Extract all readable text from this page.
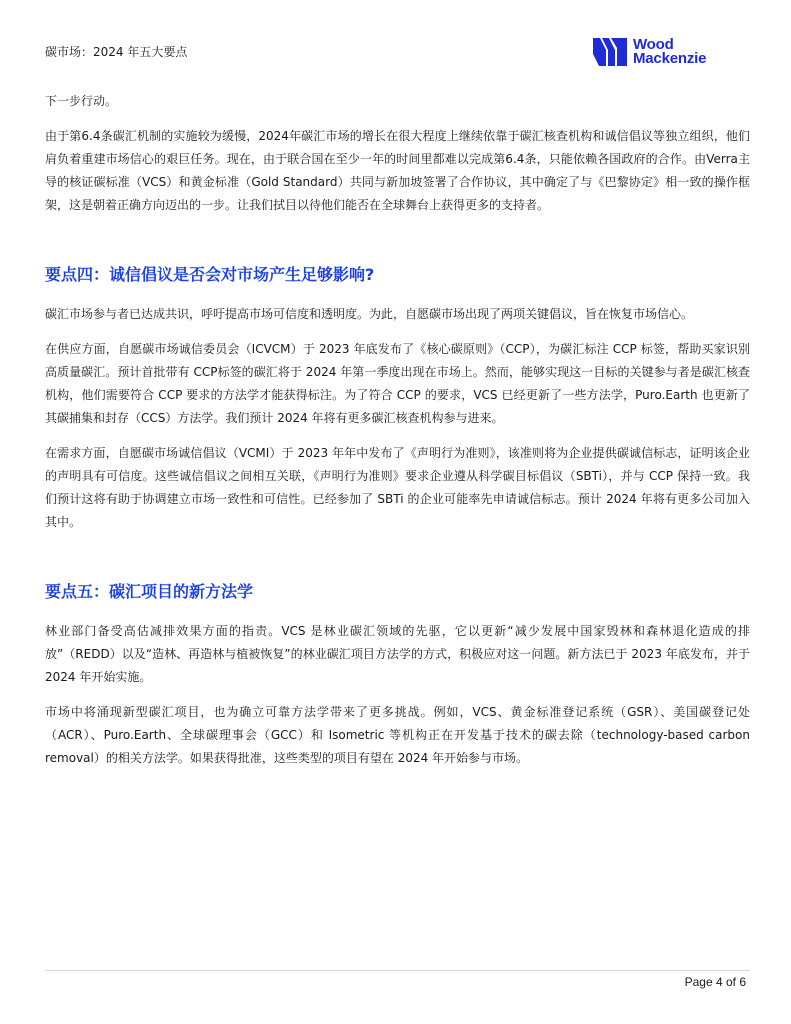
碳市场：2024 年五大要点	Wood
Mackenzie

下一步行动。

由于第6.4条碳汇机制的实施较为缓慢，2024年碳汇市场的增长在很大程度上继续依靠于碳汇核查机构和诚信倡议等独立组织，他们肩负着重建市场信心的艰巨任务。现在，由于联合国在至少一年的时间里都难以完成第6.4条，只能依赖各国政府的合作。由Verra主导的核证碳标准（VCS）和黄金标准（Gold Standard）共同与新加坡签署了合作协议，其中确定了与《巴黎协定》相一致的操作框架，这是朝着正确方向迈出的一步。让我们拭目以待他们能否在全球舞台上获得更多的支持者。

要点四：诚信倡议是否会对市场产生足够影响?

碳汇市场参与者已达成共识，呼吁提高市场可信度和透明度。为此，自愿碳市场出现了两项关键倡议，旨在恢复市场信心。

在供应方面，自愿碳市场诚信委员会（ICVCM）于 2023 年底发布了《核心碳原则》（CCP），为碳汇标注 CCP 标签，帮助买家识别高质量碳汇。预计首批带有 CCP标签的碳汇将于 2024 年第一季度出现在市场上。然而，能够实现这一目标的关键参与者是碳汇核查机构，他们需要符合 CCP 要求的方法学才能获得标注。为了符合 CCP 的要求，VCS 已经更新了一些方法学，Puro.Earth 也更新了其碳捕集和封存（CCS）方法学。我们预计 2024 年将有更多碳汇核查机构参与进来。

在需求方面，自愿碳市场诚信倡议（VCMI）于 2023 年年中发布了《声明行为准则》，该准则将为企业提供碳诚信标志，证明该企业的声明具有可信度。这些诚信倡议之间相互关联，《声明行为准则》要求企业遵从科学碳目标倡议（SBTi），并与 CCP 保持一致。我们预计这将有助于协调建立市场一致性和可信性。已经参加了 SBTi 的企业可能率先申请诚信标志。预计 2024 年将有更多公司加入其中。

要点五：碳汇项目的新方法学

林业部门备受高估减排效果方面的指责。VCS 是林业碳汇领域的先驱，它以更新“减少发展中国家毁林和森林退化造成的排放”（REDD）以及“造林、再造林与植被恢复”的林业碳汇项目方法学的方式，积极应对这一问题。新方法已于 2023 年底发布，并于 2024 年开始实施。

市场中将涌现新型碳汇项目，也为确立可靠方法学带来了更多挑战。例如，VCS、黄金标准登记系统（GSR）、美国碳登记处（ACR）、Puro.Earth、全球碳理事会（GCC）和 Isometric 等机构正在开发基于技术的碳去除（technology-based carbon removal）的相关方法学。如果获得批准，这些类型的项目有望在 2024 年开始参与市场。

Page 4 of 6
